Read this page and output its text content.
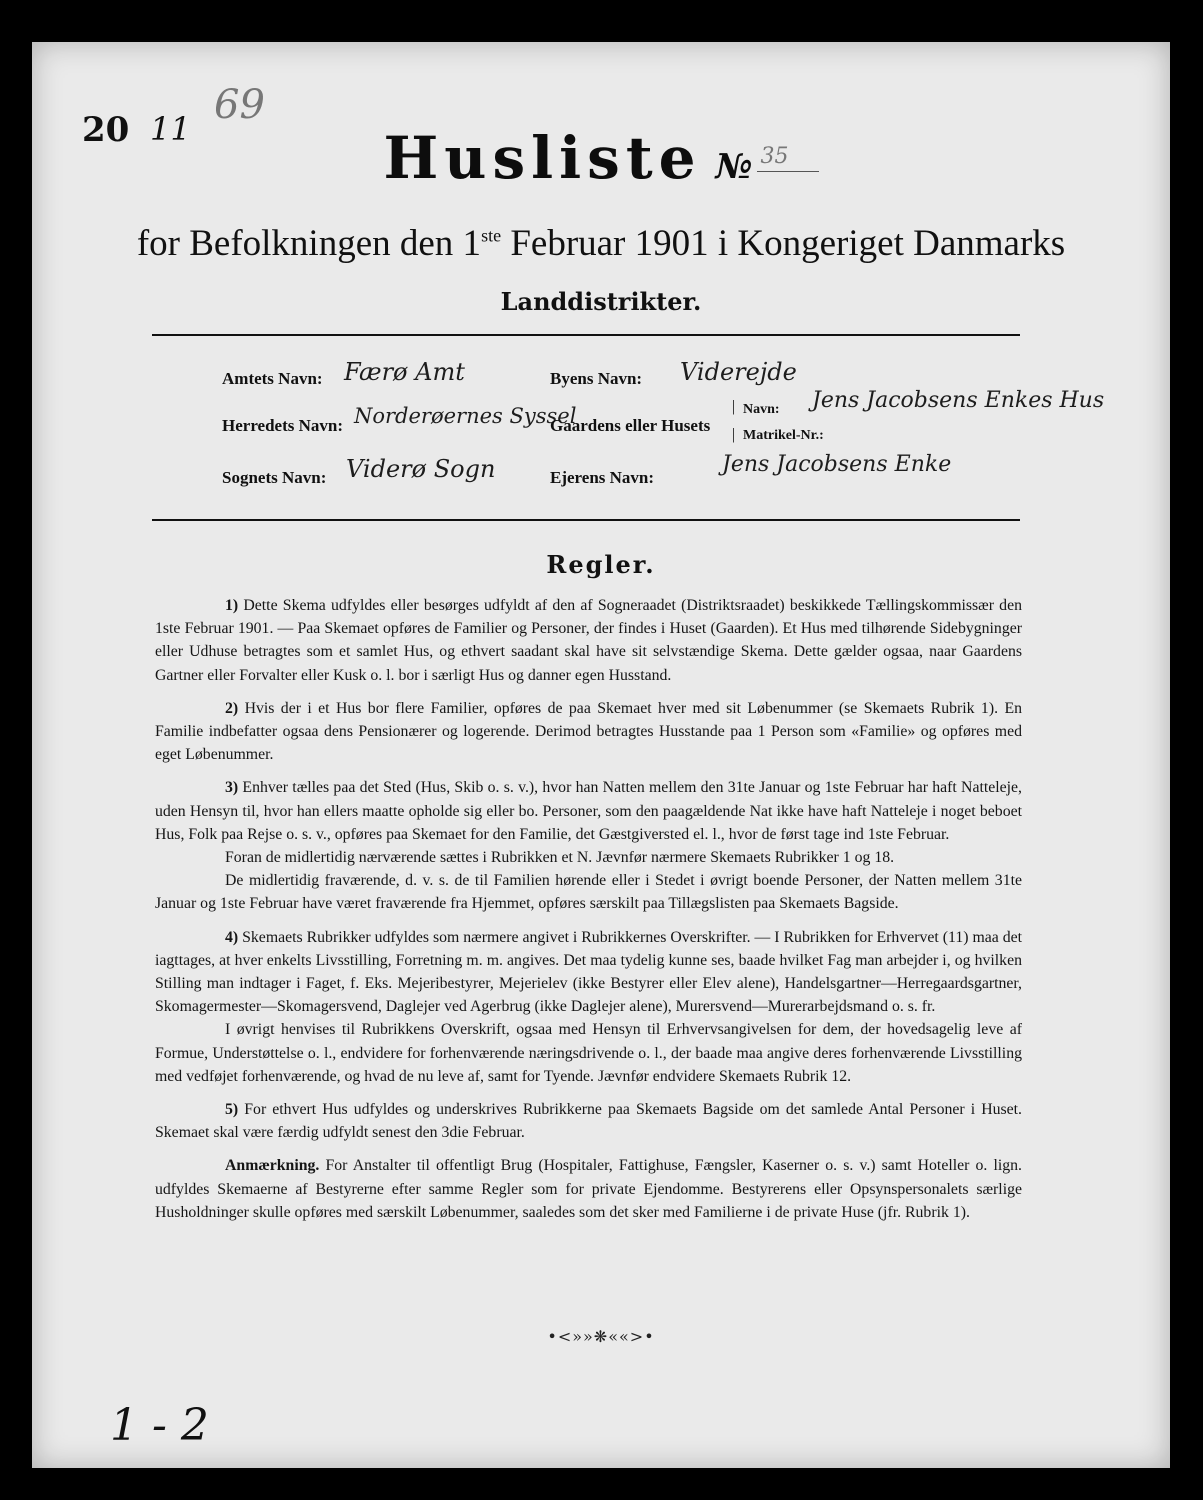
20 11
69
Husliste № 35
for Befolkningen den 1ste Februar 1901 i Kongeriget Danmarks
Landdistrikter.
Amtets Navn: Færø Amt	Byens Navn: Viderejde
Herredets Navn: Norderøernes Syssel
Gaardens eller Husets
|
|
Navn: Jens Jacobsens Enkes Hus
Matrikel-Nr.:
Sognets Navn: Viderø Sogn	Ejerens Navn:
Jens Jacobsens Enke
Regler.

1) Dette Skema udfyldes eller besørges udfyldt af den af Sogneraadet (Distriktsraadet) beskikkede Tællingskommissær den 1ste Februar 1901. — Paa Skemaet opføres de Familier og Personer, der findes i Huset (Gaarden). Et Hus med tilhørende Sidebygninger eller Udhuse betragtes som et samlet Hus, og ethvert saadant skal have sit selvstændige Skema. Dette gælder ogsaa, naar Gaardens Gartner eller Forvalter eller Kusk o. l. bor i særligt Hus og danner egen Husstand.

2) Hvis der i et Hus bor flere Familier, opføres de paa Skemaet hver med sit Løbenummer (se Skemaets Rubrik 1). En Familie indbefatter ogsaa dens Pensionærer og logerende. Derimod betragtes Husstande paa 1 Person som «Familie» og opføres med eget Løbenummer.

3) Enhver tælles paa det Sted (Hus, Skib o. s. v.), hvor han Natten mellem den 31te Januar og 1ste Februar har haft Natteleje, uden Hensyn til, hvor han ellers maatte opholde sig eller bo. Personer, som den paagældende Nat ikke have haft Natteleje i noget beboet Hus, Folk paa Rejse o. s. v., opføres paa Skemaet for den Familie, det Gæstgiversted el. l., hvor de først tage ind 1ste Februar.

Foran de midlertidig nærværende sættes i Rubrikken et N. Jævnfør nærmere Skemaets Rubrikker 1 og 18.

De midlertidig fraværende, d. v. s. de til Familien hørende eller i Stedet i øvrigt boende Personer, der Natten mellem 31te Januar og 1ste Februar have været fraværende fra Hjemmet, opføres særskilt paa Tillægslisten paa Skemaets Bagside.

4) Skemaets Rubrikker udfyldes som nærmere angivet i Rubrikkernes Overskrifter. — I Rubrikken for Erhvervet (11) maa det iagttages, at hver enkelts Livsstilling, Forretning m. m. angives. Det maa tydelig kunne ses, baade hvilket Fag man arbejder i, og hvilken Stilling man indtager i Faget, f. Eks. Mejeribestyrer, Mejerielev (ikke Bestyrer eller Elev alene), Handelsgartner—Herregaardsgartner, Skomagermester—Skomagersvend, Daglejer ved Agerbrug (ikke Daglejer alene), Murersvend—Murerarbejdsmand o. s. fr.

I øvrigt henvises til Rubrikkens Overskrift, ogsaa med Hensyn til Erhvervsangivelsen for dem, der hovedsagelig leve af Formue, Understøttelse o. l., endvidere for forhenværende næringsdrivende o. l., der baade maa angive deres forhenværende Livsstilling med vedføjet forhenværende, og hvad de nu leve af, samt for Tyende. Jævnfør endvidere Skemaets Rubrik 12.

5) For ethvert Hus udfyldes og underskrives Rubrikkerne paa Skemaets Bagside om det samlede Antal Personer i Huset. Skemaet skal være færdig udfyldt senest den 3die Februar.

Anmærkning. For Anstalter til offentligt Brug (Hospitaler, Fattighuse, Fængsler, Kaserner o. s. v.) samt Hoteller o. lign. udfyldes Skemaerne af Bestyrerne efter samme Regler som for private Ejendomme. Bestyrerens eller Opsynspersonalets særlige Husholdninger skulle opføres med særskilt Løbenummer, saaledes som det sker med Familierne i de private Huse (jfr. Rubrik 1).

•<»»❋««>•
1 - 2
